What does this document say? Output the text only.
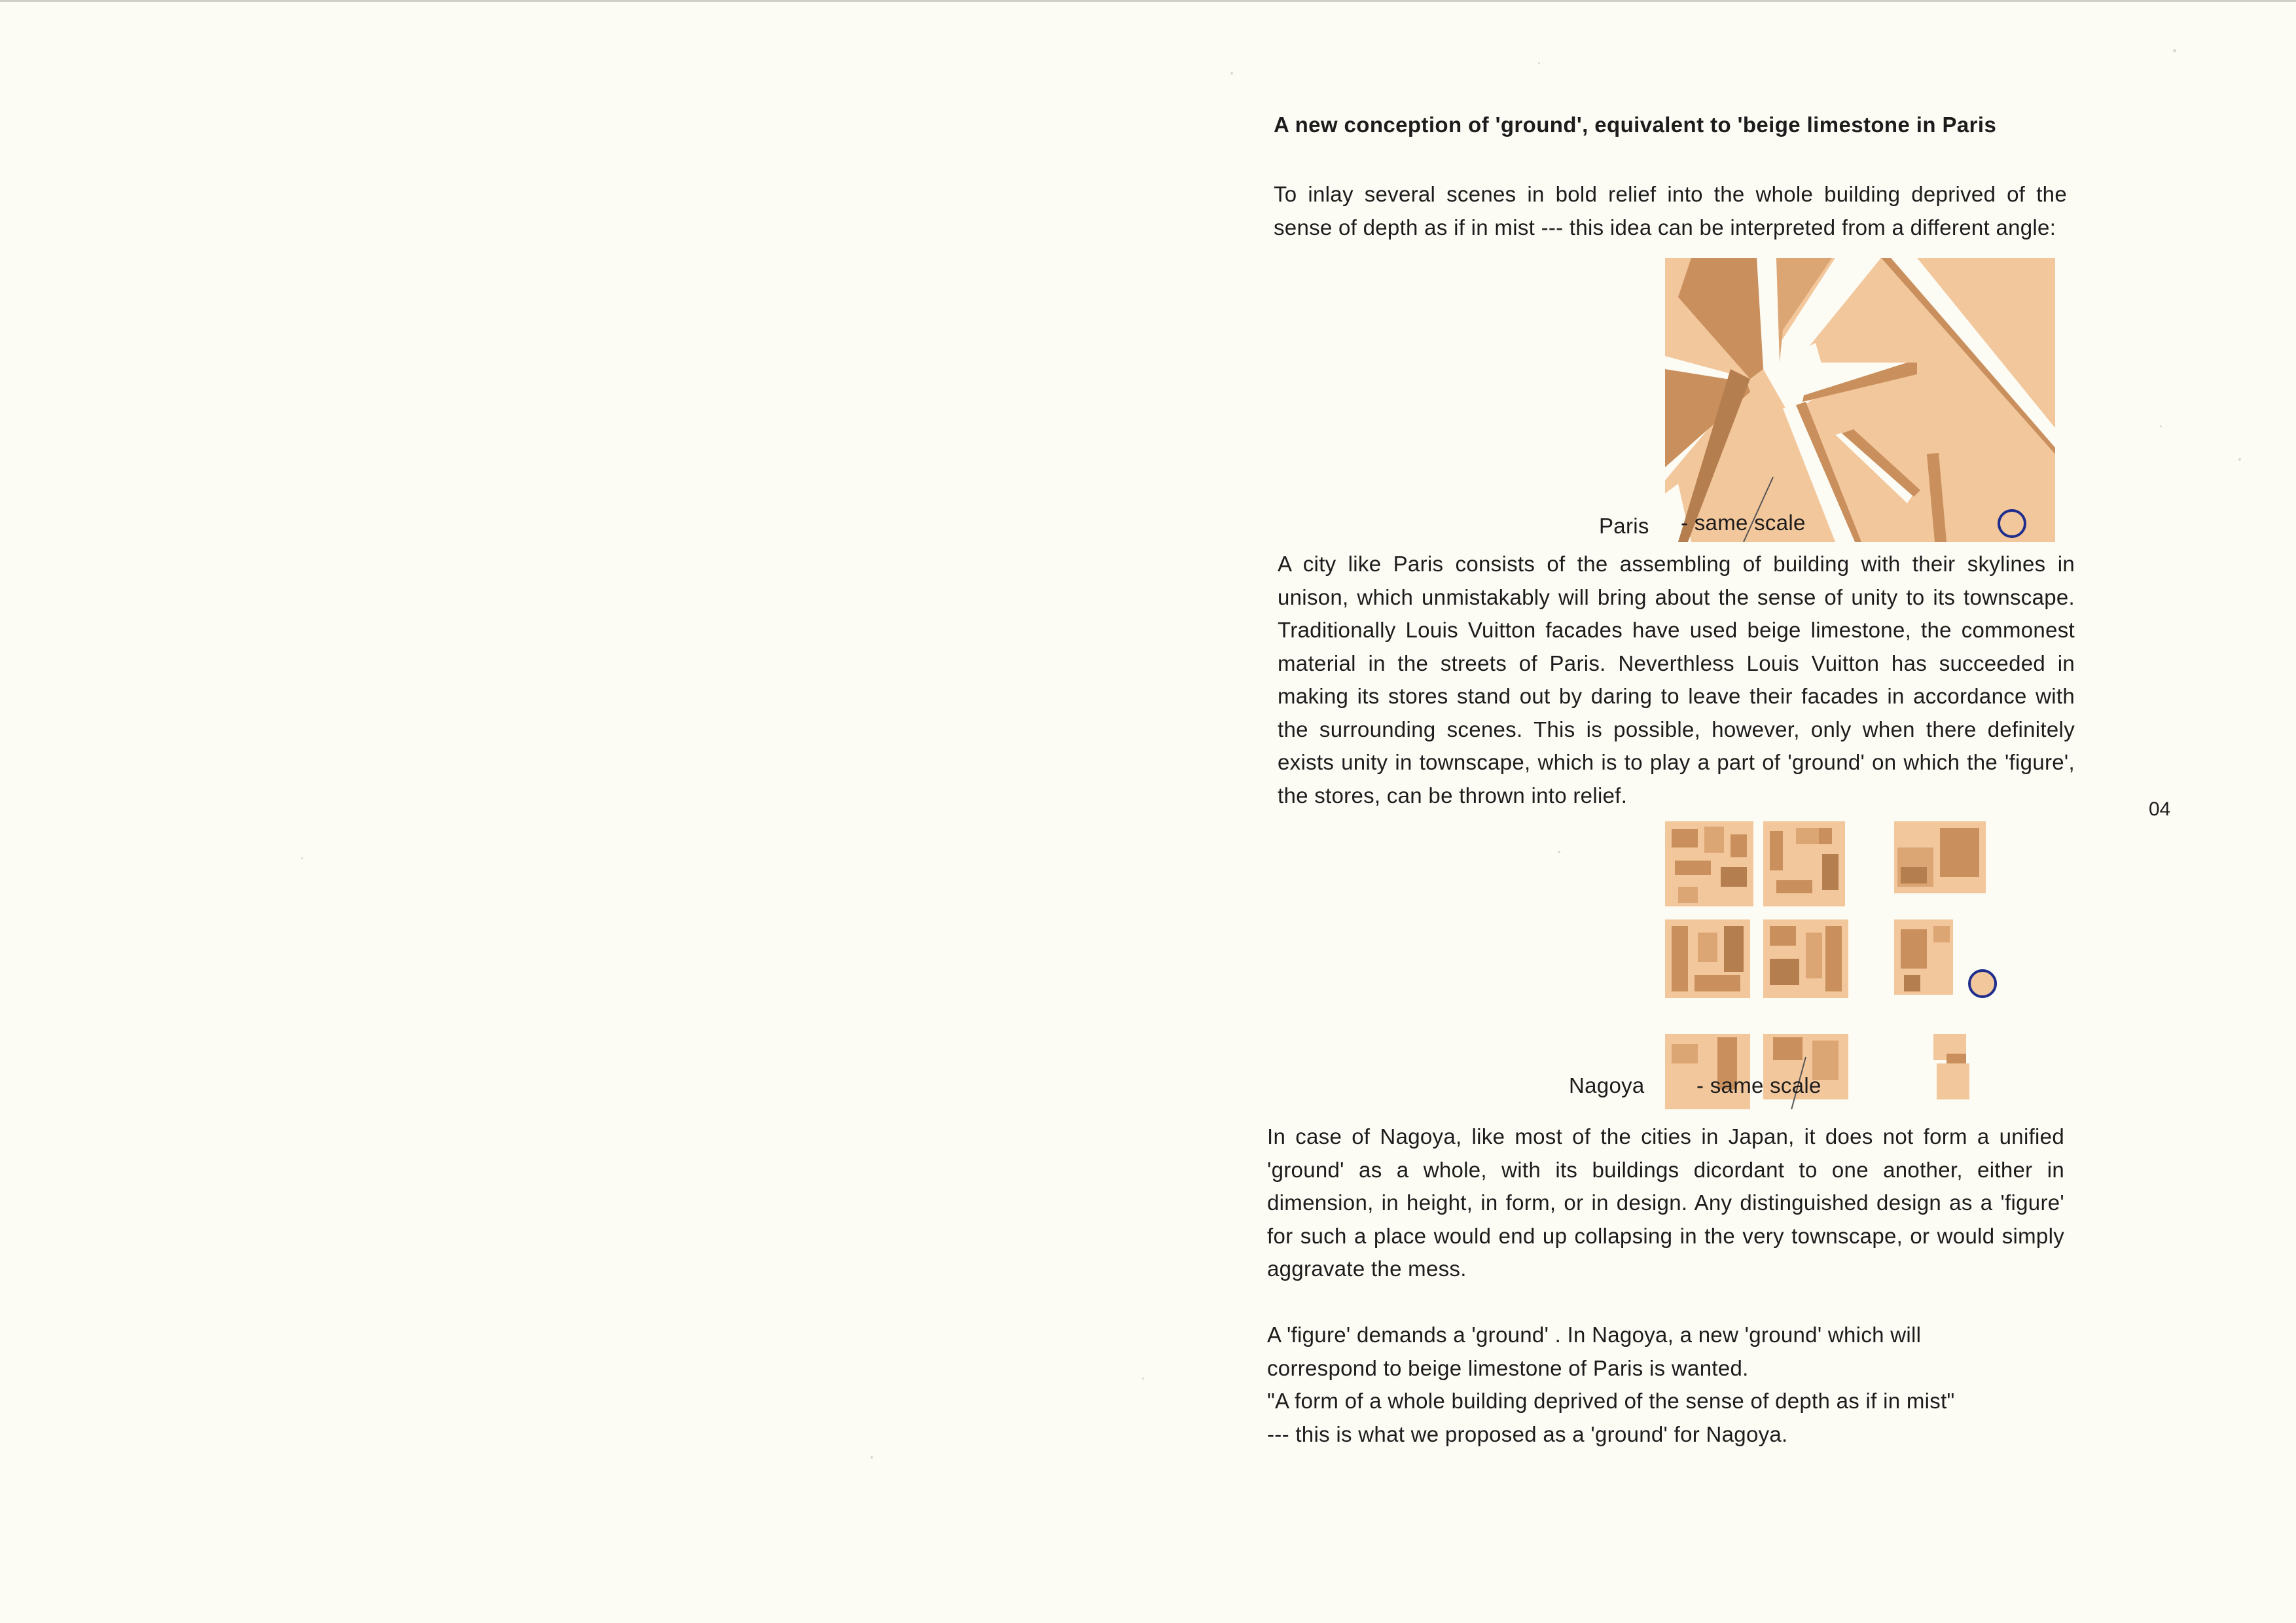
A new conception of 'ground', equivalent to 'beige limestone in Paris

To inlay several scenes in bold relief into the whole building deprived of the sense of depth as if in mist --- this idea can be interpreted from a different angle:

Paris - same scale

A city like Paris consists of the assembling of building with their skylines in unison, which unmistakably will bring about the sense of unity to its townscape. Traditionally Louis Vuitton facades have used beige limestone, the commonest material in the streets of Paris. Neverthless Louis Vuitton has succeeded in making its stores stand out by daring to leave their facades in accordance with the surrounding scenes. This is possible, however, only when there definitely exists unity in townscape, which is to play a part of 'ground' on which the 'figure', the stores, can be thrown into relief.

04
Nagoya - same scale

In case of Nagoya, like most of the cities in Japan, it does not form a unified 'ground' as a whole, with its buildings dicordant to one another, either in dimension, in height, in form, or in design. Any distinguished design as a 'figure' for such a place would end up collapsing in the very townscape, or would simply aggravate the mess.

A 'figure' demands a 'ground' . In Nagoya, a new 'ground' which will
correspond to beige limestone of Paris is wanted.
"A form of a whole building deprived of the sense of depth as if in mist"
--- this is what we proposed as a 'ground' for Nagoya.
